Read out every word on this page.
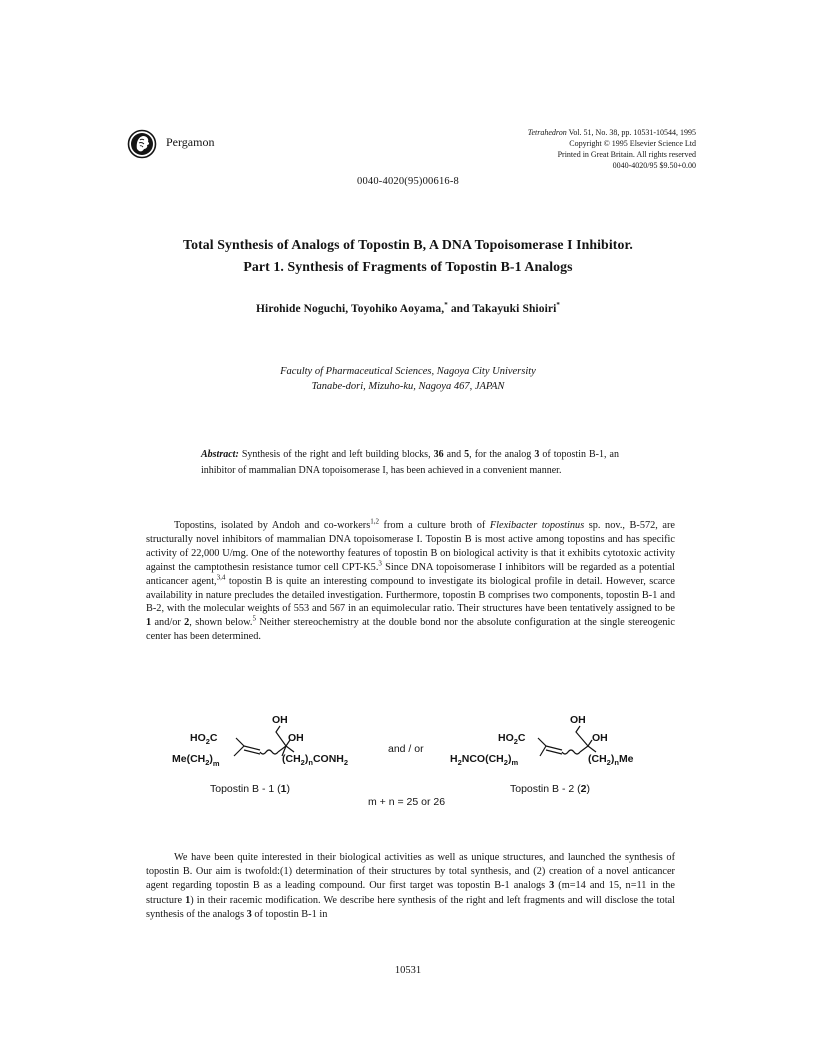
Pergamon
Tetrahedron Vol. 51, No. 38, pp. 10531-10544, 1995
Copyright © 1995 Elsevier Science Ltd
Printed in Great Britain. All rights reserved
0040-4020/95 $9.50+0.00
0040-4020(95)00616-8
Total Synthesis of Analogs of Topostin B, A DNA Topoisomerase I Inhibitor.
Part 1. Synthesis of Fragments of Topostin B-1 Analogs
Hirohide Noguchi, Toyohiko Aoyama,* and Takayuki Shioiri*
Faculty of Pharmaceutical Sciences, Nagoya City University
Tanabe-dori, Mizuho-ku, Nagoya 467, JAPAN
Abstract: Synthesis of the right and left building blocks, 36 and 5, for the analog 3 of topostin B-1, an inhibitor of mammalian DNA topoisomerase I, has been achieved in a convenient manner.

Topostins, isolated by Andoh and co-workers$^{1,2}$ from a culture broth of Flexibacter topostinus sp. nov., B-572, are structurally novel inhibitors of mammalian DNA topoisomerase I. Topostin B is most active among topostins and has specific activity of 22,000 U/mg. One of the noteworthy features of topostin B on biological activity is that it exhibits cytotoxic activity against the camptothesin resistance tumor cell CPT-K5.$^3$ Since DNA topoisomerase I inhibitors will be regarded as a potential anticancer agent,$^{3,4}$ topostin B is quite an interesting compound to investigate its biological profile in detail. However, scarce availability in nature precludes the detailed investigation. Furthermore, topostin B comprises two components, topostin B-1 and B-2, with the molecular weights of 553 and 567 in an equimolecular ratio. Their structures have been tentatively assigned to be 1 and/or 2, shown below.$^5$ Neither stereochemistry at the double bond nor the absolute configuration at the single stereogenic center has been determined.

OH
$HO_2C$	OH
$Me(CH_2)_m$	$(CH_2)_nCONH_2$
and / or
OH
$HO_2C$	OH
$H_2NCO(CH_2)_m$	$(CH_2)_nMe$
Topostin B - 1 (1)	Topostin B - 2 (2)
m + n = 25 or 26

We have been quite interested in their biological activities as well as unique structures, and launched the synthesis of topostin B. Our aim is twofold:(1) determination of their structures by total synthesis, and (2) creation of a novel anticancer agent regarding topostin B as a leading compound. Our first target was topostin B-1 analogs 3 (m=14 and 15, n=11 in the structure 1) in their racemic modification. We describe here synthesis of the right and left fragments and will disclose the total synthesis of the analogs 3 of topostin B-1 in

10531
